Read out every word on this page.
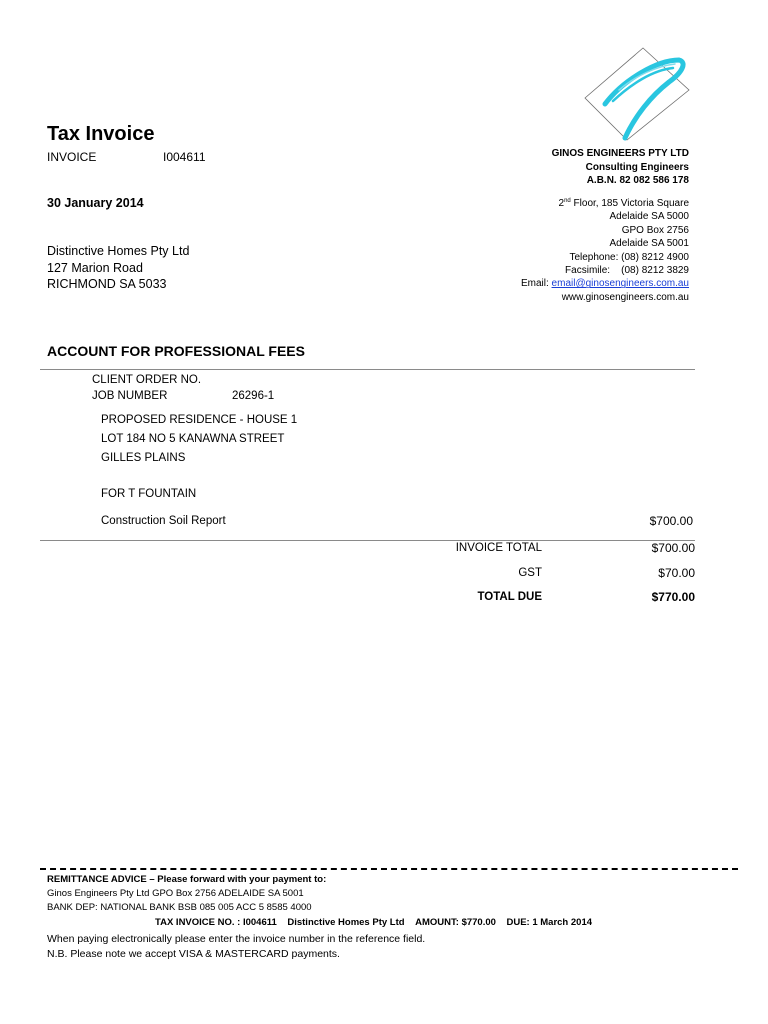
Tax Invoice
INVOICE	I004611
30 January 2014
Distinctive Homes Pty Ltd
127 Marion Road
RICHMOND SA 5033
GINOS ENGINEERS PTY LTD
Consulting Engineers
A.B.N. 82 082 586 178
2nd Floor, 185 Victoria Square
Adelaide SA 5000
GPO Box 2756
Adelaide SA 5001
Telephone: (08) 8212 4900
Facsimile:    (08) 8212 3829
Email: email@ginosengineers.com.au
www.ginosengineers.com.au
ACCOUNT FOR PROFESSIONAL FEES
CLIENT ORDER NO.
JOB NUMBER	26296-1
PROPOSED RESIDENCE - HOUSE 1
LOT 184 NO 5 KANAWNA STREET
GILLES PLAINS
FOR T FOUNTAIN
Construction Soil Report	$700.00
INVOICE TOTAL	$700.00
GST	$70.00
TOTAL DUE	$770.00
REMITTANCE ADVICE – Please forward with your payment to:
Ginos Engineers Pty Ltd GPO Box 2756 ADELAIDE SA 5001
BANK DEP: NATIONAL BANK BSB 085 005 ACC 5 8585 4000
TAX INVOICE NO. : I004611 Distinctive Homes Pty Ltd AMOUNT: $770.00 DUE: 1 March 2014
When paying electronically please enter the invoice number in the reference field.
N.B. Please note we accept VISA & MASTERCARD payments.
